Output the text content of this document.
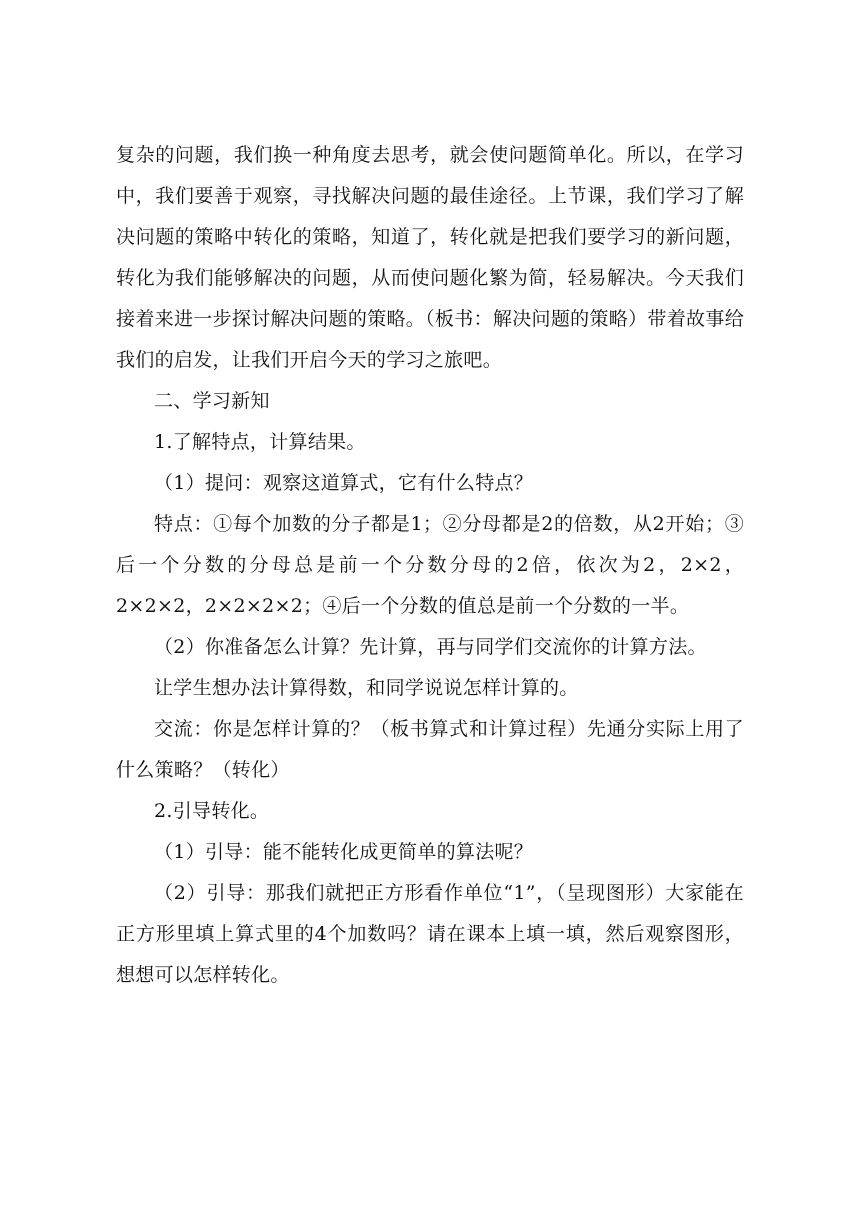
复杂的问题，我们换一种角度去思考，就会使问题简单化。所以，在学习中，我们要善于观察，寻找解决问题的最佳途径。上节课，我们学习了解决问题的策略中转化的策略，知道了，转化就是把我们要学习的新问题，转化为我们能够解决的问题，从而使问题化繁为简，轻易解决。今天我们接着来进一步探讨解决问题的策略。（板书：解决问题的策略）带着故事给我们的启发，让我们开启今天的学习之旅吧。

二、学习新知

1.了解特点，计算结果。

（1）提问：观察这道算式，它有什么特点？

特点：①每个加数的分子都是1；②分母都是2的倍数，从2开始；③后一个分数的分母总是前一个分数分母的2倍，依次为2，2×2，2×2×2，2×2×2×2；④后一个分数的值总是前一个分数的一半。

（2）你准备怎么计算？先计算，再与同学们交流你的计算方法。

让学生想办法计算得数，和同学说说怎样计算的。

交流：你是怎样计算的？（板书算式和计算过程）先通分实际上用了什么策略？（转化）

2.引导转化。

（1）引导：能不能转化成更简单的算法呢？

（2）引导：那我们就把正方形看作单位“1”，（呈现图形）大家能在正方形里填上算式里的4个加数吗？请在课本上填一填，然后观察图形，想想可以怎样转化。
